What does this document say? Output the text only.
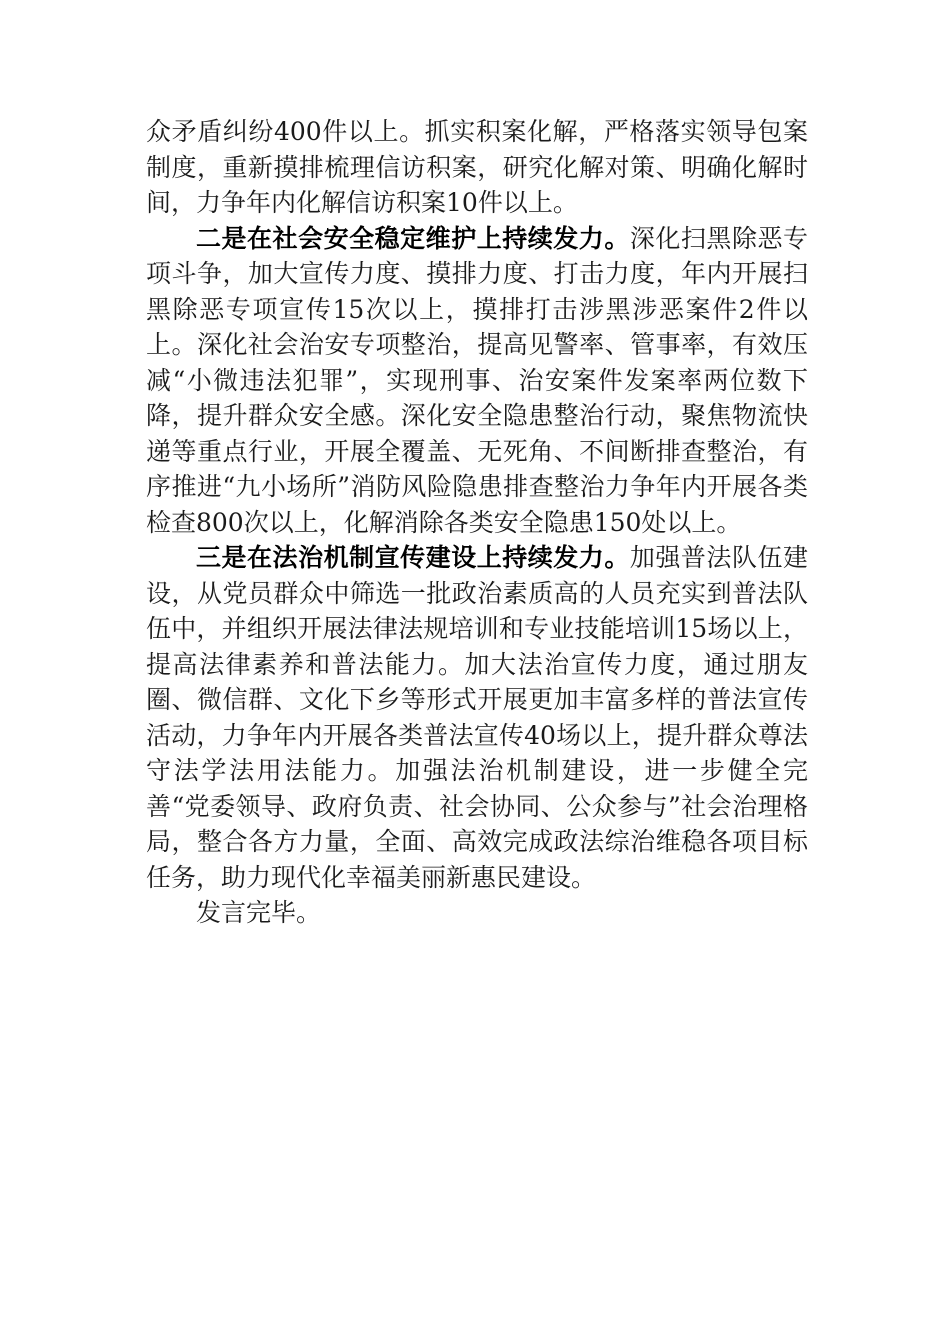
众矛盾纠纷400件以上。抓实积案化解，严格落实领导包案制度，重新摸排梳理信访积案，研究化解对策、明确化解时间，力争年内化解信访积案10件以上。

二是在社会安全稳定维护上持续发力。深化扫黑除恶专项斗争，加大宣传力度、摸排力度、打击力度，年内开展扫黑除恶专项宣传15次以上，摸排打击涉黑涉恶案件2件以上。深化社会治安专项整治，提高见警率、管事率，有效压减“小微违法犯罪”，实现刑事、治安案件发案率两位数下降，提升群众安全感。深化安全隐患整治行动，聚焦物流快递等重点行业，开展全覆盖、无死角、不间断排查整治，有序推进“九小场所”消防风险隐患排查整治力争年内开展各类检查800次以上，化解消除各类安全隐患150处以上。

三是在法治机制宣传建设上持续发力。加强普法队伍建设，从党员群众中筛选一批政治素质高的人员充实到普法队伍中，并组织开展法律法规培训和专业技能培训15场以上，提高法律素养和普法能力。加大法治宣传力度，通过朋友圈、微信群、文化下乡等形式开展更加丰富多样的普法宣传活动，力争年内开展各类普法宣传40场以上，提升群众尊法守法学法用法能力。加强法治机制建设，进一步健全完善“党委领导、政府负责、社会协同、公众参与”社会治理格局，整合各方力量，全面、高效完成政法综治维稳各项目标任务，助力现代化幸福美丽新惠民建设。

发言完毕。
